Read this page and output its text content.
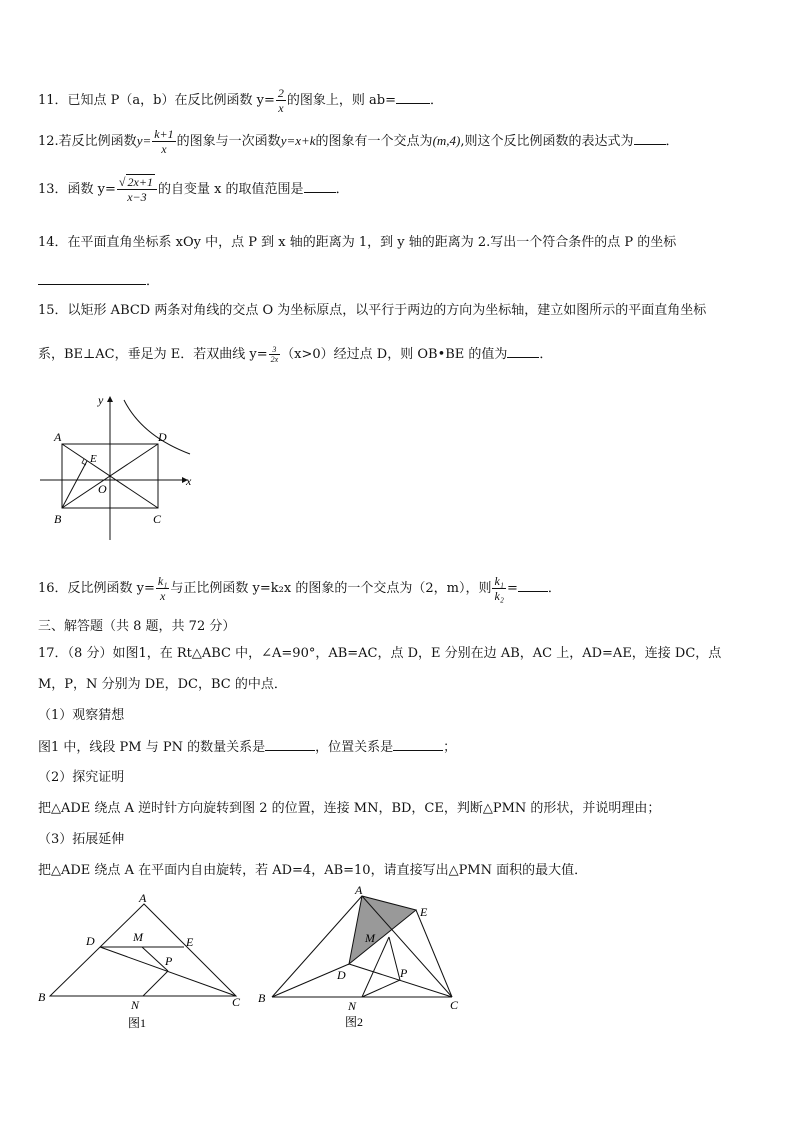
11．已知点 P（a，b）在反比例函数 $y= \frac{2}{x}$ 的图象上，则 ab=	．
12.若反比例函数$y= \frac{k+1}{x}$ 的图象与一次函数y=x+k的图象有一个交点为(m,4),则这个反比例函数的表达式为 ．
13．函数 $y= \frac{√ 2x+1}{x-3}$ 的自变量 x 的取值范围是 ．
14．在平面直角坐标系 xOy 中，点 P 到 x 轴的距离为 1，到 y 轴的距离为 2.写出一个符合条件的点 P 的坐标
．
15．以矩形 ABCD 两条对角线的交点 O 为坐标原点，以平行于两边的方向为坐标轴，建立如图所示的平面直角坐标
系，BE⊥AC，垂足为 E．若双曲线 $y= \frac{3}{2x} (x>0)$经过点 D，则 OB•BE 的值为 ．
A
B	C
D
E
O
x
y
16．反比例函数 $y= \frac{\text{k₁}}{x}$ 与正比例函数 y=k₂x 的图象的一个交点为（2，m），则 $\frac{\text{k₁}}{\text{k₂}}$ = ．
三、解答题（共 8 题，共 72 分）
17．（8 分）如图1，在 Rt△ABC 中，∠A=90°，AB=AC，点 D，E 分别在边 AB，AC 上，AD=AE，连接 DC，点
M，P，N 分别为 DE，DC，BC 的中点．
（1）观察猜想
图1 中，线段 PM 与 PN 的数量关系是	，位置关系是	；
（2）探究证明
把△ADE 绕点 A 逆时针方向旋转到图 2 的位置，连接 MN，BD，CE，判断△PMN 的形状，并说明理由；
（3）拓展延伸
把△ADE 绕点 A 在平面内自由旋转，若 AD=4，AB=10，请直接写出△PMN 面积的最大值．
A
B	C
D	E
M
P
N
图1
A
B	C
D
E
M
P
N
图2
